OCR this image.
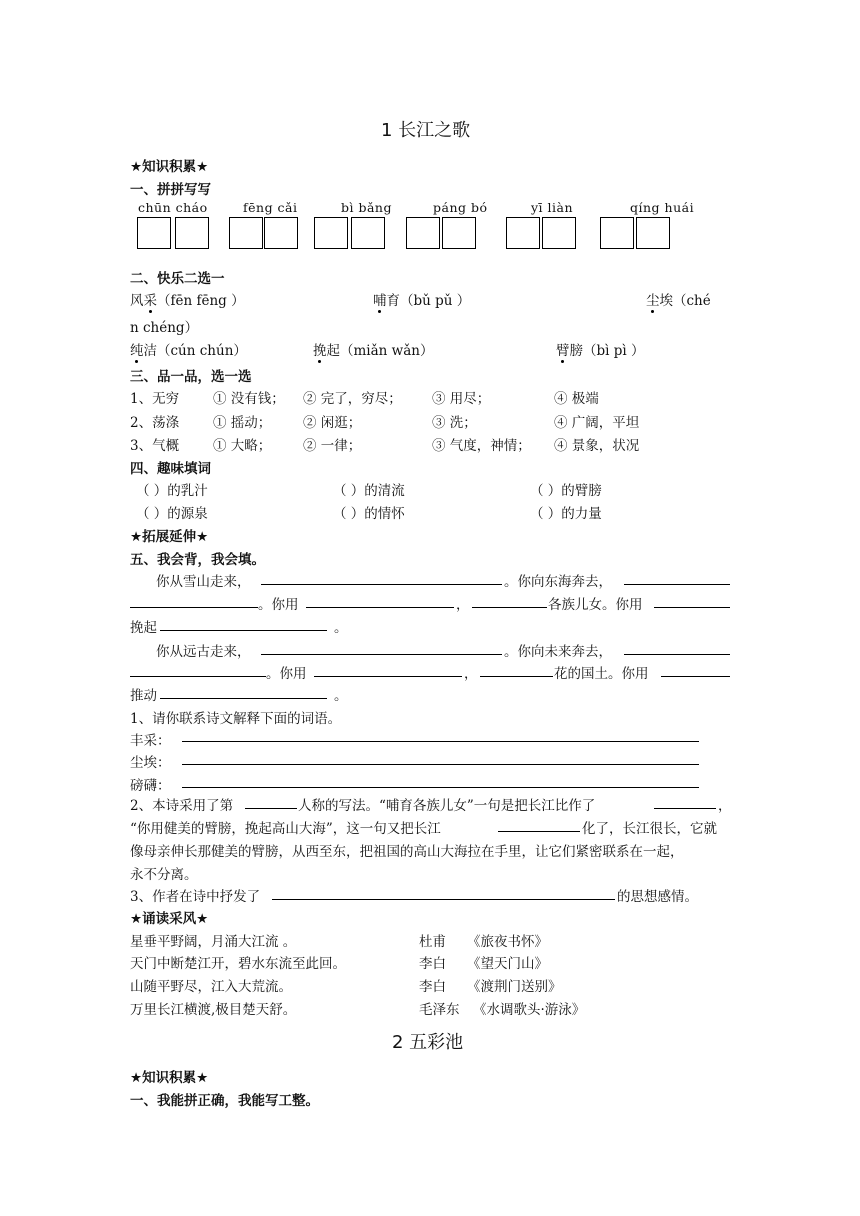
1 长江之歌
★知识积累★
一、拼拼写写
chūn cháo	fēng cǎi	bì bǎng	páng bó	yī liàn	qíng huái
二、快乐二选一
风采（fēn fēng ）	哺育（bǔ pǔ ）	尘埃（ché
n chéng）
纯洁（cún chún）	挽起（miǎn wǎn）	臂膀（bì pì ）
三、品一品，选一选
1、无穷	① 没有钱； ② 完了，穷尽； ③ 用尽；	④ 极端
2、荡涤	① 摇动； ② 闲逛；	③ 洗；	④ 广阔，平坦
3、气概	① 大略； ② 一律；	③ 气度，神情； ④ 景象，状况
四、趣味填词
（ ）的乳汁	（ ）的清流	（ ）的臂膀
（ ）的源泉	（ ）的情怀	（ ）的力量
★拓展延伸★
五、我会背，我会填。
你从雪山走来，	。你向东海奔去，
。你用	，	各族儿女。你用
挽起	。
你从远古走来，	。你向未来奔去，
。你用	，	花的国土。你用
推动	。
1、请你联系诗文解释下面的词语。
丰采：
尘埃：
磅礴：
2、本诗采用了第	人称的写法。“哺育各族儿女”一句是把长江比作了	，
“你用健美的臂膀，挽起高山大海”，这一句又把长江	化了，长江很长，它就
像母亲伸长那健美的臂膀，从西至东，把祖国的高山大海拉在手里，让它们紧密联系在一起，
永不分离。
3、作者在诗中抒发了	的思想感情。
★诵读采风★
星垂平野阔，月涌大江流 。	杜甫 《旅夜书怀》
天门中断楚江开，碧水东流至此回。	李白 《望天门山》
山随平野尽，江入大荒流。	李白 《渡荆门送别》
万里长江横渡,极目楚天舒。	毛泽东 《水调歌头·游泳》
2 五彩池
★知识积累★
一、我能拼正确，我能写工整。
